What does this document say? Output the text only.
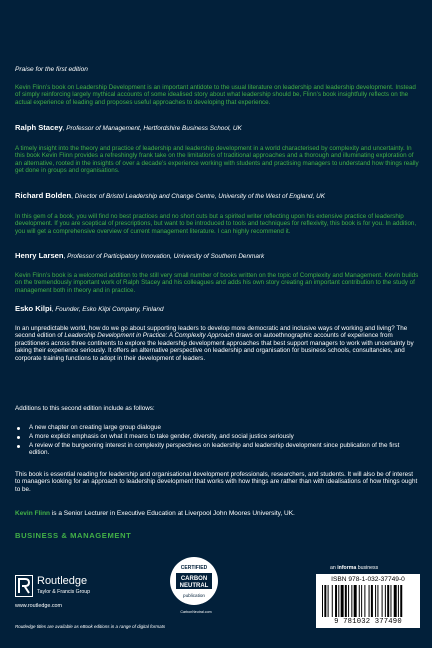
Praise for the first edition
Kevin Flinn’s book on Leadership Development is an important antidote to the usual literature on leadership and leadership development. Instead of simply reinforcing largely mythical accounts of some idealised story about what leadership should be, Flinn’s book insightfully reflects on the actual experience of leading and proposes useful approaches to developing that experience.
Ralph Stacey, Professor of Management, Hertfordshire Business School, UK
A timely insight into the theory and practice of leadership and leadership development in a world characterised by complexity and uncertainty. In this book Kevin Flinn provides a refreshingly frank take on the limitations of traditional approaches and a thorough and illuminating exploration of an alternative, rooted in the insights of over a decade’s experience working with students and practising managers to understand how things really get done in groups and organisations.
Richard Bolden, Director of Bristol Leadership and Change Centre, University of the West of England, UK
In this gem of a book, you will find no best practices and no short cuts but a spirited writer reflecting upon his extensive practice of leadership development. If you are sceptical of prescriptions, but want to be introduced to tools and techniques for reflexivity, this book is for you. In addition, you will get a comprehensive overview of current management literature. I can highly recommend it.
Henry Larsen, Professor of Participatory Innovation, University of Southern Denmark
Kevin Flinn’s book is a welcomed addition to the still very small number of books written on the topic of Complexity and Management. Kevin builds on the tremendously important work of Ralph Stacey and his colleagues and adds his own story creating an important contribution to the study of management both in theory and in practice.
Esko Kilpi, Founder, Esko Kilpi Company, Finland
In an unpredictable world, how do we go about supporting leaders to develop more democratic and inclusive ways of working and living? The second edition of Leadership Development in Practice: A Complexity Approach draws on autoethnographic accounts of experience from practitioners across three continents to explore the leadership development approaches that best support managers to work with uncertainty by taking their experience seriously. It offers an alternative perspective on leadership and organisation for business schools, consultancies, and corporate training functions to adopt in their development of leaders.
Additions to this second edition include as follows:
A new chapter on creating large group dialogue
A more explicit emphasis on what it means to take gender, diversity, and social justice seriously
A review of the burgeoning interest in complexity perspectives on leadership and leadership development since publication of the first edition.
This book is essential reading for leadership and organisational development professionals, researchers, and students. It will also be of interest to managers looking for an approach to leadership development that works with how things are rather than with idealisations of how things ought to be.
Kevin Flinn is a Senior Lecturer in Executive Education at Liverpool John Moores University, UK.
BUSINESS & MANAGEMENT
Routledge
Taylor & Francis Group
www.routledge.com
CERTIFIED
CARBON
NEUTRAL
publication
CarbonNeutral.com
Routledge titles are available as eBook editions in a range of digital formats
an informa business
ISBN 978-1-032-37749-0
9 781032 377490
